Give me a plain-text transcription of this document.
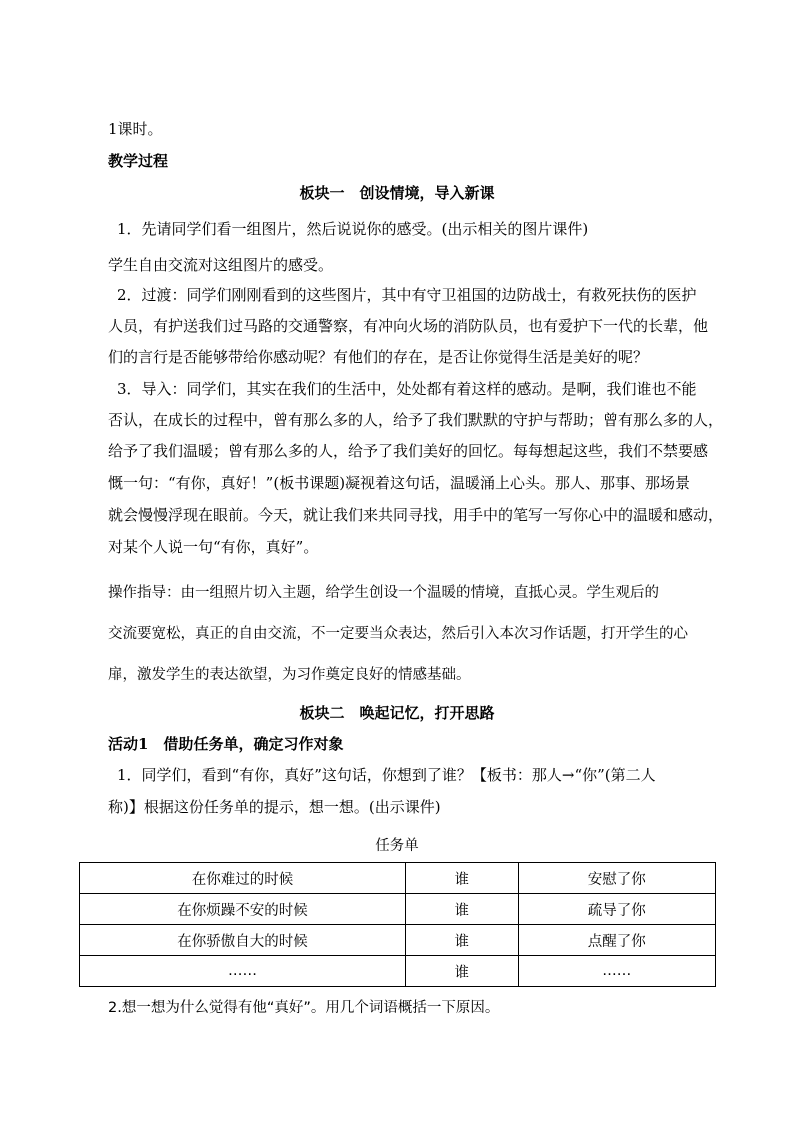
1课时。
教学过程
板块一　创设情境，导入新课
1．先请同学们看一组图片，然后说说你的感受。(出示相关的图片课件)
学生自由交流对这组图片的感受。
2．过渡：同学们刚刚看到的这些图片，其中有守卫祖国的边防战士，有救死扶伤的医护
人员，有护送我们过马路的交通警察，有冲向火场的消防队员，也有爱护下一代的长辈，他
们的言行是否能够带给你感动呢？有他们的存在，是否让你觉得生活是美好的呢？
3．导入：同学们，其实在我们的生活中，处处都有着这样的感动。是啊，我们谁也不能
否认，在成长的过程中，曾有那么多的人，给予了我们默默的守护与帮助；曾有那么多的人，
给予了我们温暖；曾有那么多的人，给予了我们美好的回忆。每每想起这些，我们不禁要感
慨一句：“有你，真好！”(板书课题)凝视着这句话，温暖涌上心头。那人、那事、那场景
就会慢慢浮现在眼前。今天，就让我们来共同寻找，用手中的笔写一写你心中的温暖和感动，
对某个人说一句“有你，真好”。
操作指导：由一组照片切入主题，给学生创设一个温暖的情境，直抵心灵。学生观后的
交流要宽松，真正的自由交流，不一定要当众表达，然后引入本次习作话题，打开学生的心
扉，激发学生的表达欲望，为习作奠定良好的情感基础。
板块二　唤起记忆，打开思路
活动1　借助任务单，确定习作对象
1．同学们，看到“有你，真好”这句话，你想到了谁？【板书：那人→“你”(第二人
称)】根据这份任务单的提示，想一想。(出示课件)
任务单
在你难过的时候	谁	安慰了你
在你烦躁不安的时候	谁	疏导了你
在你骄傲自大的时候	谁	点醒了你
……	谁	……
2.想一想为什么觉得有他“真好”。用几个词语概括一下原因。
